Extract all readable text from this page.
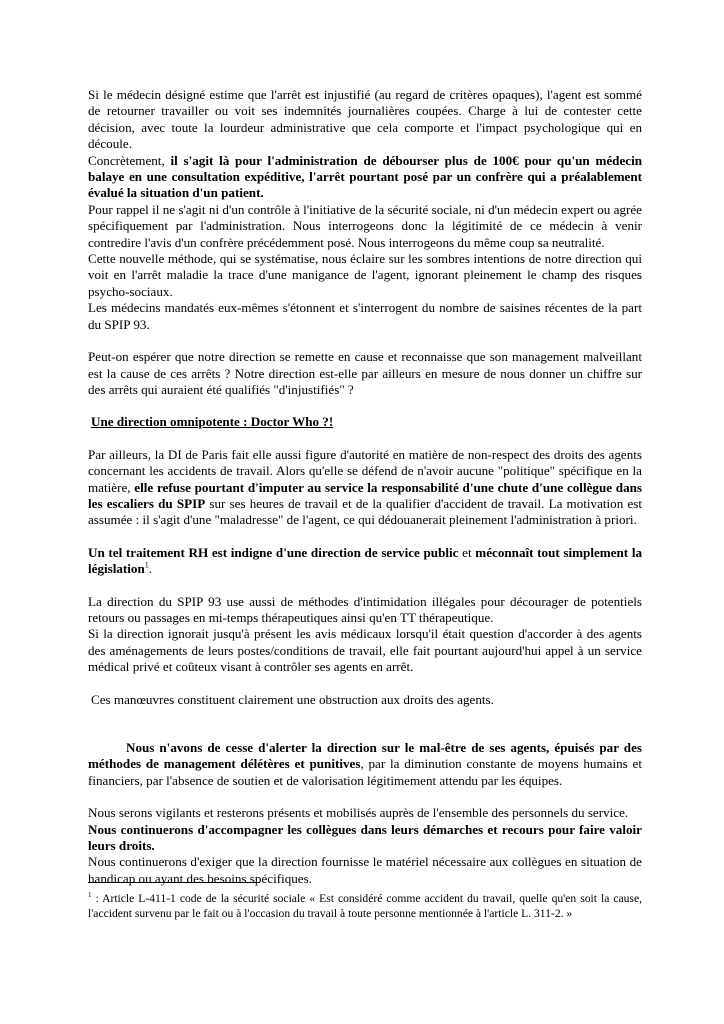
Si le médecin désigné estime que l'arrêt est injustifié (au regard de critères opaques), l'agent est sommé de retourner travailler ou voit ses indemnités journalières coupées. Charge à lui de contester cette décision, avec toute la lourdeur administrative que cela comporte et l'impact psychologique qui en découle.

Concrètement, il s'agit là pour l'administration de débourser plus de 100€ pour qu'un médecin balaye en une consultation expéditive, l'arrêt pourtant posé par un confrère qui a préalablement évalué la situation d'un patient.

Pour rappel il ne s'agit ni d'un contrôle à l'initiative de la sécurité sociale, ni d'un médecin expert ou agrée spécifiquement par l'administration. Nous interrogeons donc la légitimité de ce médecin à venir contredire l'avis d'un confrère précédemment posé. Nous interrogeons du même coup sa neutralité.

Cette nouvelle méthode, qui se systématise, nous éclaire sur les sombres intentions de notre direction qui voit en l'arrêt maladie la trace d'une manigance de l'agent, ignorant pleinement le champ des risques psycho-sociaux.

Les médecins mandatés eux-mêmes s'étonnent et s'interrogent du nombre de saisines récentes de la part du SPIP 93.

Peut-on espérer que notre direction se remette en cause et reconnaisse que son management malveillant est la cause de ces arrêts ? Notre direction est-elle par ailleurs en mesure de nous donner un chiffre sur des arrêts qui auraient été qualifiés "d'injustifiés" ?

Une direction omnipotente : Doctor Who ?!

Par ailleurs, la DI de Paris fait elle aussi figure d'autorité en matière de non-respect des droits des agents concernant les accidents de travail. Alors qu'elle se défend de n'avoir aucune "politique" spécifique en la matière, elle refuse pourtant d'imputer au service la responsabilité d'une chute d'une collègue dans les escaliers du SPIP sur ses heures de travail et de la qualifier d'accident de travail. La motivation est assumée : il s'agit d'une "maladresse" de l'agent, ce qui dédouanerait pleinement l'administration à priori.

Un tel traitement RH est indigne d'une direction de service public et méconnaît tout simplement la législation$^1$.

La direction du SPIP 93 use aussi de méthodes d'intimidation illégales pour décourager de potentiels retours ou passages en mi-temps thérapeutiques ainsi qu'en TT thérapeutique.

Si la direction ignorait jusqu'à présent les avis médicaux lorsqu'il était question d'accorder à des agents des aménagements de leurs postes/conditions de travail, elle fait pourtant aujourd'hui appel à un service médical privé et coûteux visant à contrôler ses agents en arrêt.

Ces manœuvres constituent clairement une obstruction aux droits des agents.

Nous n'avons de cesse d'alerter la direction sur le mal-être de ses agents, épuisés par des méthodes de management délétères et punitives, par la diminution constante de moyens humains et financiers, par l'absence de soutien et de valorisation légitimement attendu par les équipes.

Nous serons vigilants et resterons présents et mobilisés auprès de l'ensemble des personnels du service.

Nous continuerons d'accompagner les collègues dans leurs démarches et recours pour faire valoir leurs droits.

Nous continuerons d'exiger que la direction fournisse le matériel nécessaire aux collègues en situation de handicap ou ayant des besoins spécifiques.

$^1$ : Article L-411-1 code de la sécurité sociale « Est considéré comme accident du travail, quelle qu'en soit la cause, l'accident survenu par le fait ou à l'occasion du travail à toute personne mentionnée à l'article L. 311-2. »
